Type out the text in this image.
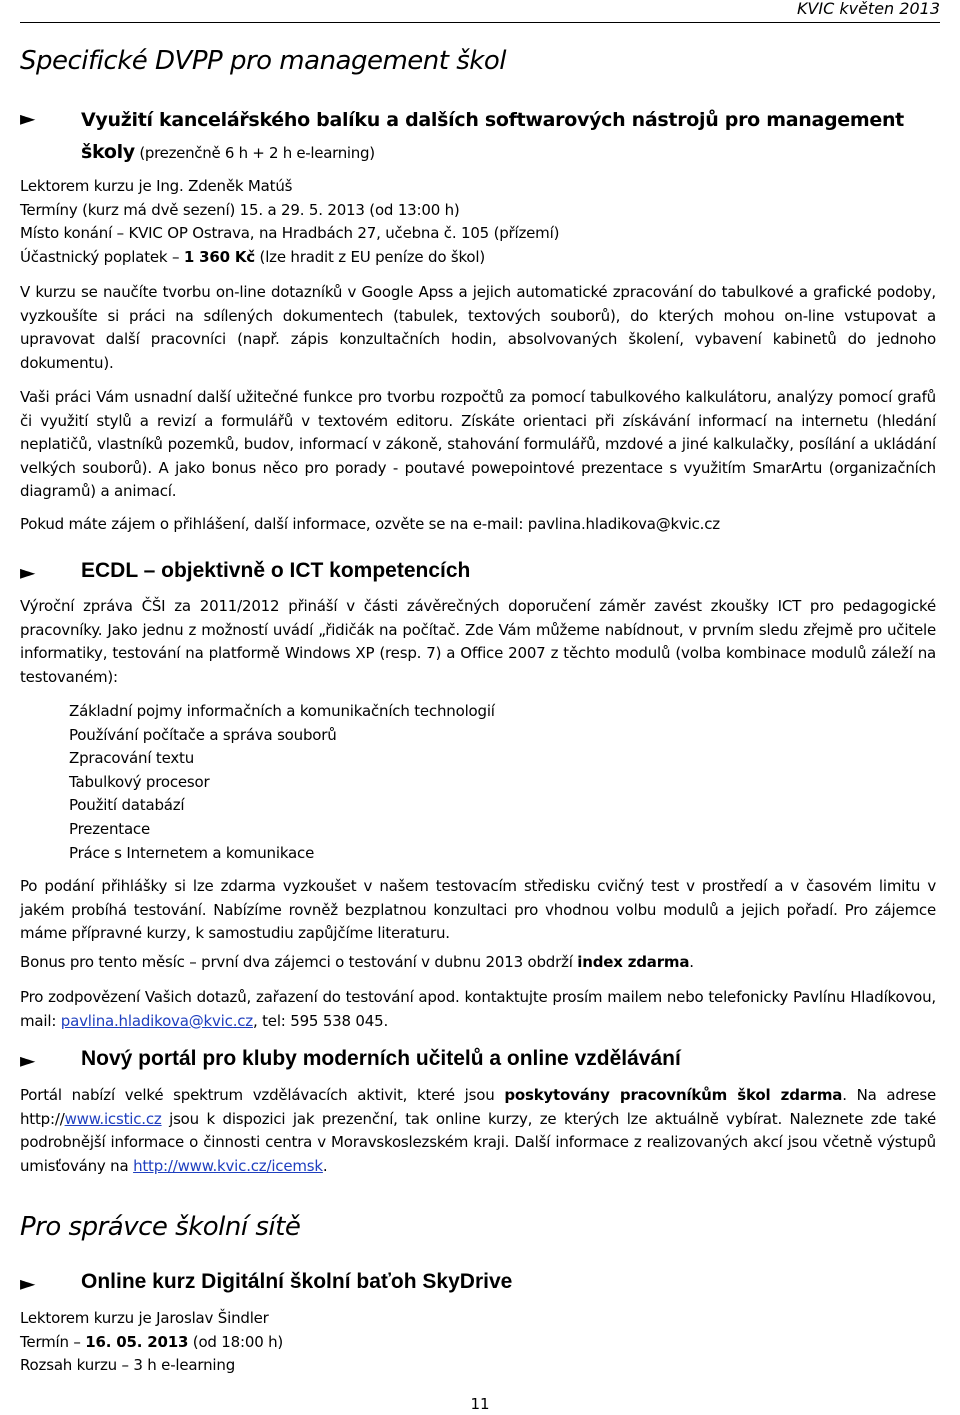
KVIC květen 2013
Specifické DVPP pro management škol
► Využití kancelářského balíku a dalších softwarových nástrojů pro management
školy (prezenčně 6 h + 2 h e-learning)
Lektorem kurzu je Ing. Zdeněk Matúš
Termíny (kurz má dvě sezení) 15. a 29. 5. 2013 (od 13:00 h)
Místo konání – KVIC OP Ostrava, na Hradbách 27, učebna č. 105 (přízemí)
Účastnický poplatek – 1 360 Kč (lze hradit z EU peníze do škol)
V kurzu se naučíte tvorbu on-line dotazníků v Google Apss a jejich automatické zpracování do tabulkové a grafické podoby, vyzkoušíte si práci na sdílených dokumentech (tabulek, textových souborů), do kterých mohou on-line vstupovat a upravovat další pracovníci (např. zápis konzultačních hodin, absolvovaných školení, vybavení kabinetů do jednoho dokumentu).
Vaši práci Vám usnadní další užitečné funkce pro tvorbu rozpočtů za pomocí tabulkového kalkulátoru, analýzy pomocí grafů či využití stylů a revizí a formulářů v textovém editoru. Získáte orientaci při získávání informací na internetu (hledání neplatičů, vlastníků pozemků, budov, informací v zákoně, stahování formulářů, mzdové a jiné kalkulačky, posílání a ukládání velkých souborů). A jako bonus něco pro porady - poutavé powepointové prezentace s využitím SmarArtu (organizačních diagramů) a animací.
Pokud máte zájem o přihlášení, další informace, ozvěte se na e-mail: pavlina.hladikova@kvic.cz
► ECDL – objektivně o ICT kompetencích
Výroční zpráva ČŠI za 2011/2012 přináší v části závěrečných doporučení záměr zavést zkoušky ICT pro pedagogické pracovníky. Jako jednu z možností uvádí „řidičák na počítač. Zde Vám můžeme nabídnout, v prvním sledu zřejmě pro učitele informatiky, testování na platformě Windows XP (resp. 7) a Office 2007 z těchto modulů (volba kombinace modulů záleží na testovaném):
Základní pojmy informačních a komunikačních technologií
Používání počítače a správa souborů
Zpracování textu
Tabulkový procesor
Použití databází
Prezentace
Práce s Internetem a komunikace
Po podání přihlášky si lze zdarma vyzkoušet v našem testovacím středisku cvičný test v prostředí a v časovém limitu v jakém probíhá testování. Nabízíme rovněž bezplatnou konzultaci pro vhodnou volbu modulů a jejich pořadí. Pro zájemce máme přípravné kurzy, k samostudiu zapůjčíme literaturu.
Bonus pro tento měsíc – první dva zájemci o testování v dubnu 2013 obdrží index zdarma.
Pro zodpovězení Vašich dotazů, zařazení do testování apod. kontaktujte prosím mailem nebo telefonicky Pavlínu Hladíkovou, mail: pavlina.hladikova@kvic.cz, tel: 595 538 045.
► Nový portál pro kluby moderních učitelů a online vzdělávání
Portál nabízí velké spektrum vzdělávacích aktivit, které jsou poskytovány pracovníkům škol zdarma. Na adrese http://www.icstic.cz jsou k dispozici jak prezenční, tak online kurzy, ze kterých lze aktuálně vybírat. Naleznete zde také podrobnější informace o činnosti centra v Moravskoslezském kraji. Další informace z realizovaných akcí jsou včetně výstupů umisťovány na http://www.kvic.cz/icemsk.
Pro správce školní sítě
► Online kurz Digitální školní baťoh SkyDrive
Lektorem kurzu je Jaroslav Šindler
Termín – 16. 05. 2013 (od 18:00 h)
Rozsah kurzu – 3 h e-learning
11
